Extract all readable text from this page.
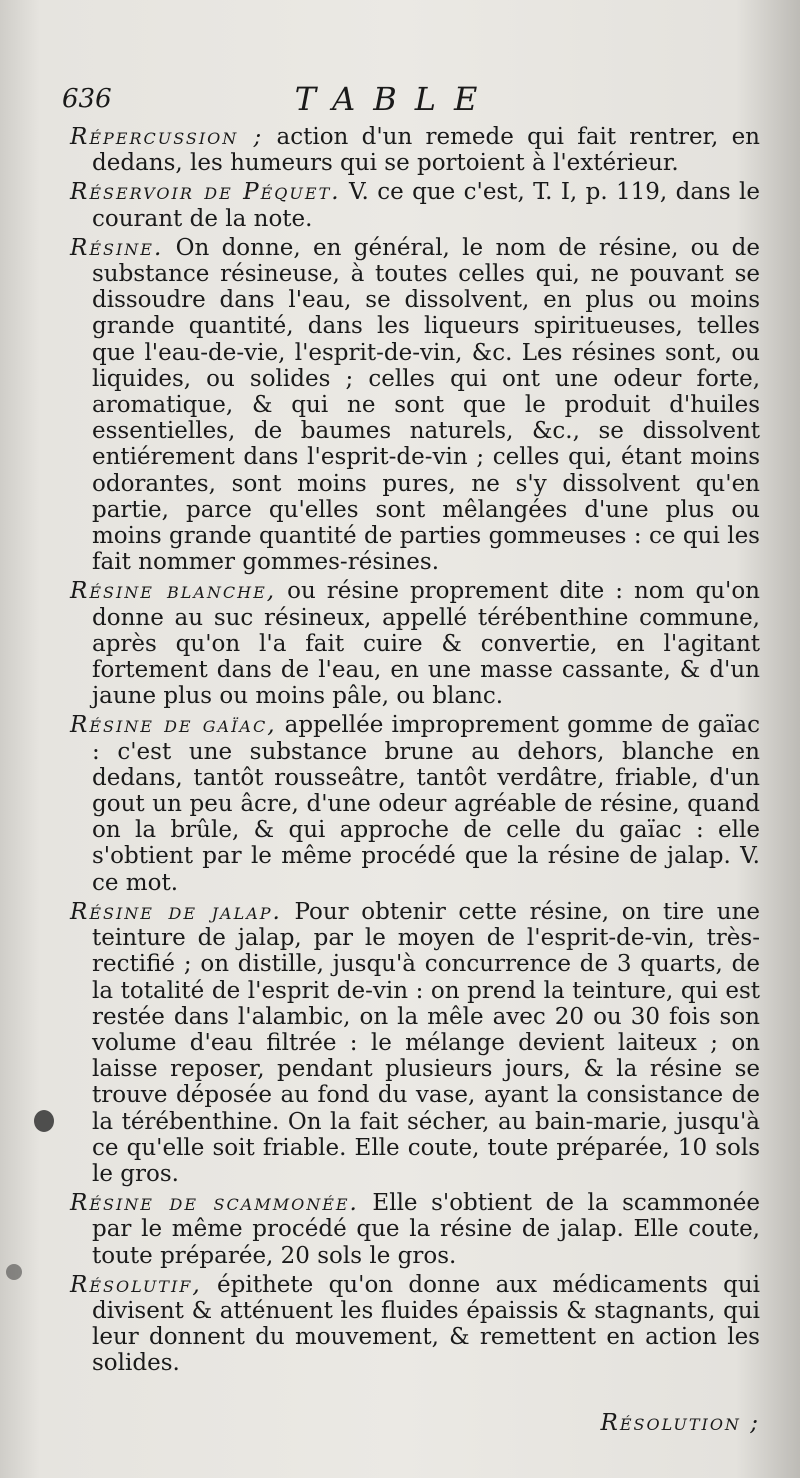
636	TABLE
Répercussion ; action d'un remede qui fait rentrer, en dedans, les humeurs qui se portoient à l'extérieur.
Réservoir de Péquet. V. ce que c'est, T. I, p. 119, dans le courant de la note.
Résine. On donne, en général, le nom de résine, ou de substance résineuse, à toutes celles qui, ne pouvant se dissoudre dans l'eau, se dissolvent, en plus ou moins grande quantité, dans les liqueurs spiritueuses, telles que l'eau-de-vie, l'esprit-de-vin, &c. Les résines sont, ou liquides, ou solides ; celles qui ont une odeur forte, aromatique, & qui ne sont que le produit d'huiles essentielles, de baumes naturels, &c., se dissolvent entiérement dans l'esprit-de-vin ; celles qui, étant moins odorantes, sont moins pures, ne s'y dissolvent qu'en partie, parce qu'elles sont mêlangées d'une plus ou moins grande quantité de parties gommeuses : ce qui les fait nommer gommes-résines.
Résine blanche, ou résine proprement dite : nom qu'on donne au suc résineux, appellé térébenthine commune, après qu'on l'a fait cuire & convertie, en l'agitant fortement dans de l'eau, en une masse cassante, & d'un jaune plus ou moins pâle, ou blanc.
Résine de gaïac, appellée improprement gomme de gaïac : c'est une substance brune au dehors, blanche en dedans, tantôt rousseâtre, tantôt verdâtre, friable, d'un gout un peu âcre, d'une odeur agréable de résine, quand on la brûle, & qui approche de celle du gaïac : elle s'obtient par le même procédé que la résine de jalap. V. ce mot.
Résine de jalap. Pour obtenir cette résine, on tire une teinture de jalap, par le moyen de l'esprit-de-vin, très-rectifié ; on distille, jusqu'à concurrence de 3 quarts, de la totalité de l'esprit de-vin : on prend la teinture, qui est restée dans l'alambic, on la mêle avec 20 ou 30 fois son volume d'eau filtrée : le mélange devient laiteux ; on laisse reposer, pendant plusieurs jours, & la résine se trouve déposée au fond du vase, ayant la consistance de la térébenthine. On la fait sécher, au bain-marie, jusqu'à ce qu'elle soit friable. Elle coute, toute préparée, 10 sols le gros.
Résine de scammonée. Elle s'obtient de la scammonée par le même procédé que la résine de jalap. Elle coute, toute préparée, 20 sols le gros.
Résolutif, épithete qu'on donne aux médicaments qui divisent & atténuent les fluides épaissis & stagnants, qui leur donnent du mouvement, & remettent en action les solides.
Résolution ;
